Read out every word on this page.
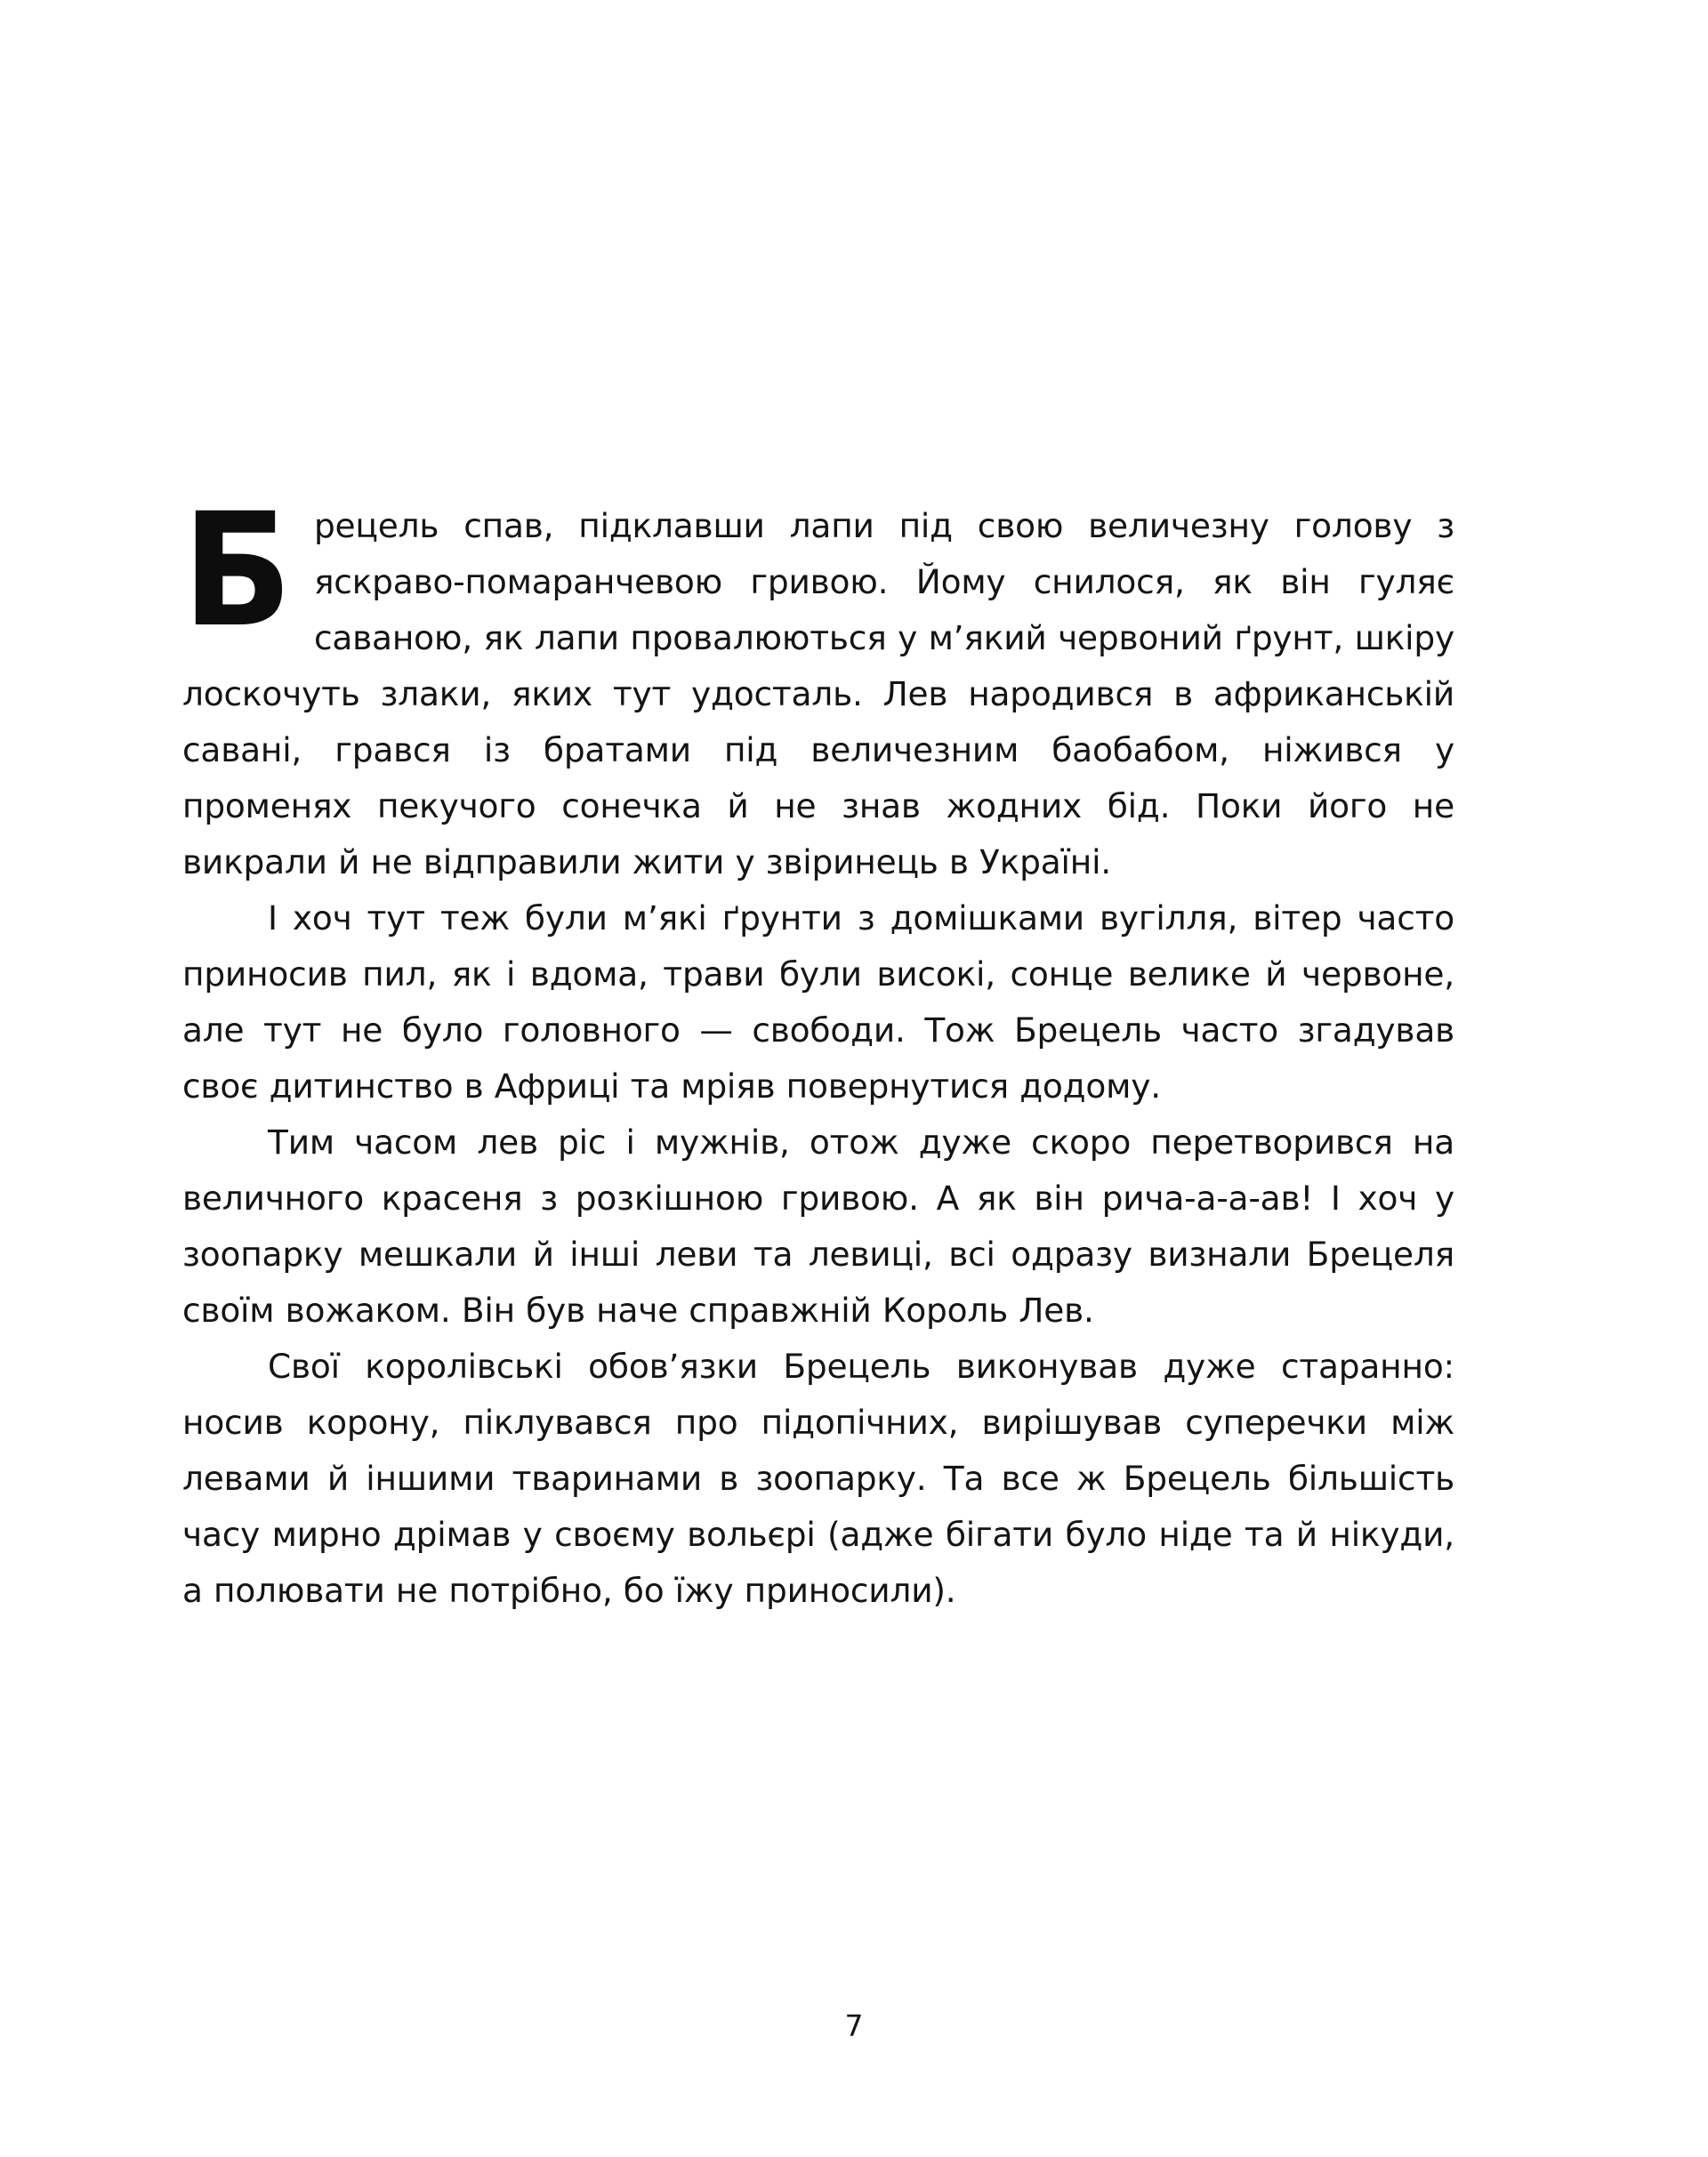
Брецель спав, підклавши лапи під свою величезну голову з яскраво-помаранчевою гривою. Йому снилося, як він гуляє саваною, як лапи провалюються у м’який червоний ґрунт, шкіру лоскочуть злаки, яких тут удосталь. Лев народився в африканській савані, грався із братами під величезним баобабом, ніжився у променях пекучого сонечка й не знав жодних бід. Поки його не викрали й не відправили жити у звіринець в Україні.

І хоч тут теж були м’які ґрунти з домішками вугілля, вітер часто приносив пил, як і вдома, трави були високі, сонце велике й червоне, але тут не було головного — свободи. Тож Брецель часто згадував своє дитинство в Африці та мріяв повернутися додому.

Тим часом лев ріс і мужнів, отож дуже скоро перетворився на величного красеня з розкішною гривою. А як він рича-а-а-ав! І хоч у зоопарку мешкали й інші леви та левиці, всі одразу визнали Брецеля своїм вожаком. Він був наче справжній Король Лев.

Свої королівські обов’язки Брецель виконував дуже старанно: носив корону, піклувався про підопічних, вирішував суперечки між левами й іншими тваринами в зоопарку. Та все ж Брецель більшість часу мирно дрімав у своєму вольєрі (адже бігати було ніде та й нікуди, а полювати не потрібно, бо їжу приносили).

7
